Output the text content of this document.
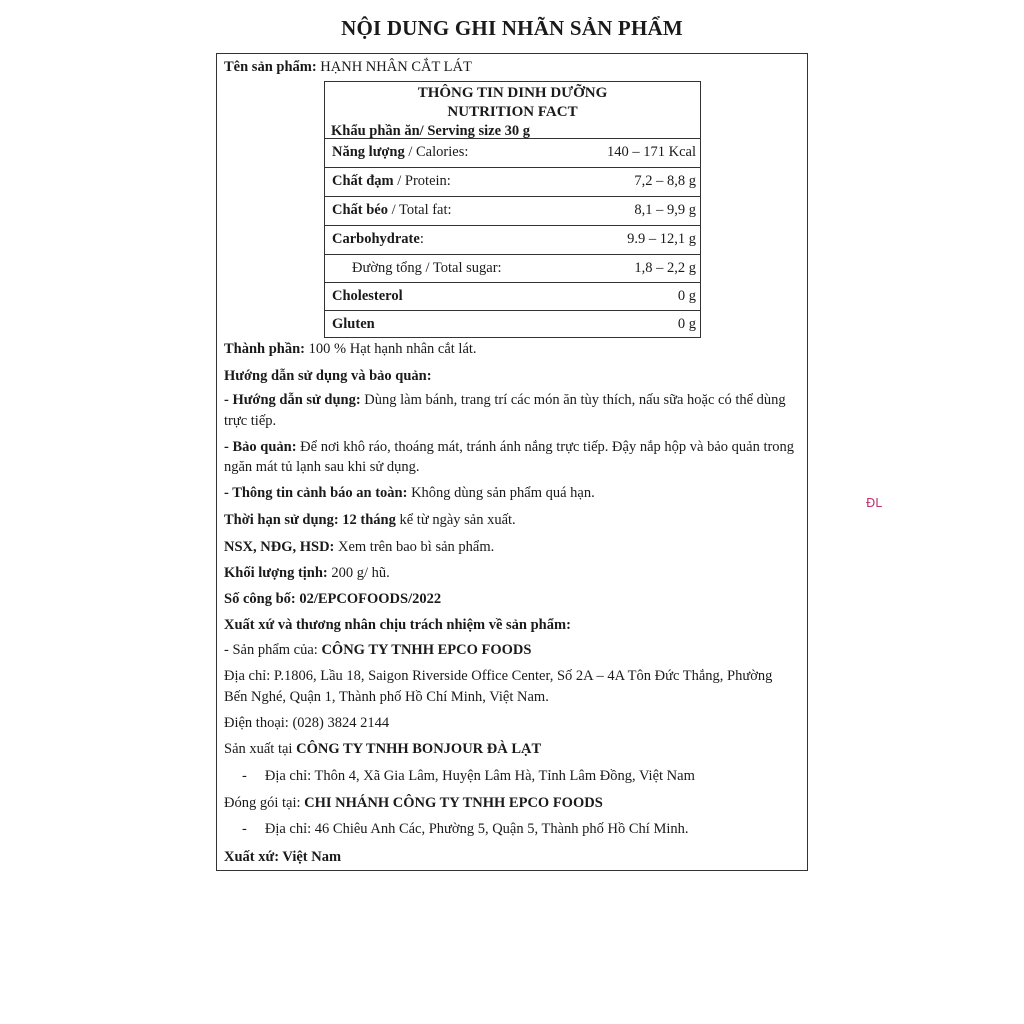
NỘI DUNG GHI NHÃN SẢN PHẨM
Tên sản phẩm: HẠNH NHÂN CẮT LÁT
THÔNG TIN DINH DƯỠNG
NUTRITION FACT
Khẩu phần ăn/ Serving size 30 g
Năng lượng / Calories:	140 – 171 Kcal
Chất đạm / Protein:	7,2 – 8,8 g
Chất béo / Total fat:	8,1 – 9,9 g
Carbohydrate:	9.9 – 12,1 g
Đường tổng / Total sugar:	1,8 – 2,2 g
Cholesterol	0 g
Gluten	0 g
Thành phần: 100 % Hạt hạnh nhân cắt lát.
Hướng dẫn sử dụng và bảo quản:
- Hướng dẫn sử dụng: Dùng làm bánh, trang trí các món ăn tùy thích, nấu sữa hoặc có thể dùng
trực tiếp.
- Bảo quản: Để nơi khô ráo, thoáng mát, tránh ánh nắng trực tiếp. Đậy nắp hộp và bảo quản trong
ngăn mát tủ lạnh sau khi sử dụng.
- Thông tin cảnh báo an toàn: Không dùng sản phẩm quá hạn.
Thời hạn sử dụng: 12 tháng kể từ ngày sản xuất.
NSX, NĐG, HSD: Xem trên bao bì sản phẩm.
Khối lượng tịnh: 200 g/ hũ.
Số công bố: 02/EPCOFOODS/2022
Xuất xứ và thương nhân chịu trách nhiệm về sản phẩm:
- Sản phẩm của: CÔNG TY TNHH EPCO FOODS
Địa chỉ: P.1806, Lầu 18, Saigon Riverside Office Center, Số 2A – 4A Tôn Đức Thắng, Phường
Bến Nghé, Quận 1, Thành phố Hồ Chí Minh, Việt Nam.
Điện thoại: (028) 3824 2144
Sản xuất tại CÔNG TY TNHH BONJOUR ĐÀ LẠT
- Địa chỉ: Thôn 4, Xã Gia Lâm, Huyện Lâm Hà, Tỉnh Lâm Đồng, Việt Nam
Đóng gói tại: CHI NHÁNH CÔNG TY TNHH EPCO FOODS
- Địa chỉ: 46 Chiêu Anh Các, Phường 5, Quận 5, Thành phố Hồ Chí Minh.
Xuất xứ: Việt Nam
ĐL
